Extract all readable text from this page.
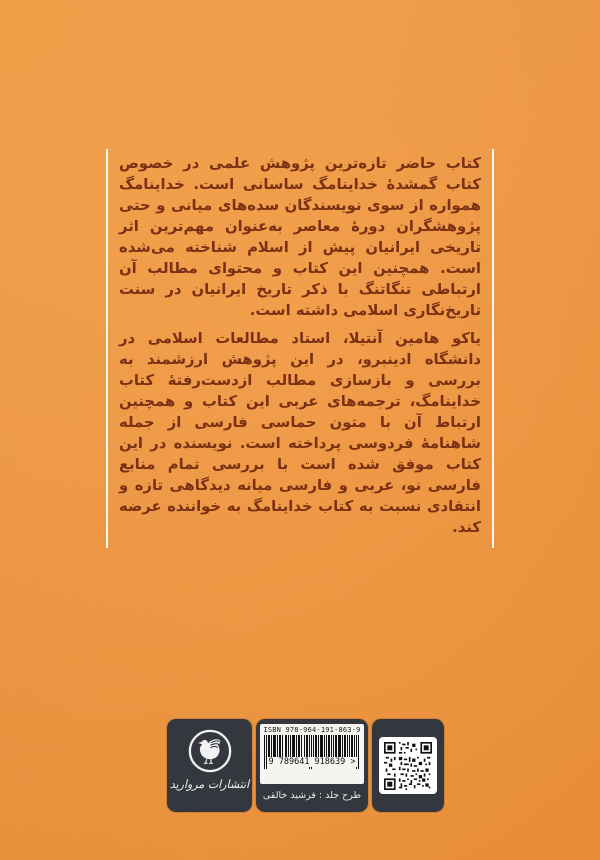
کتاب حاضر تازه‌ترین پژوهش علمی در خصوص کتاب گمشدهٔ خداینامگ ساسانی است. خداینامگ همواره از سوی نویسندگان سده‌های میانی و حتی پژوهشگران دورهٔ معاصر به‌عنوان مهم‌ترین اثر تاریخی ایرانیان پیش از اسلام شناخته می‌شده است. همچنین این کتاب و محتوای مطالب آن ارتباطی تنگاتنگ با ذکر تاریخ ایرانیان در سنت تاریخ‌نگاری اسلامی داشته است.

یاکو هامین آنتیلا، استاد مطالعات اسلامی در دانشگاه ادینبرو، در این پژوهش ارزشمند به بررسی و بازسازی مطالب ازدست‌رفتهٔ کتاب خداینامگ، ترجمه‌های عربی این کتاب و همچنین ارتباط آن با متون حماسی فارسی از جمله شاهنامهٔ فردوسی پرداخته است. نویسنده در این کتاب موفق شده است با بررسی تمام منابع فارسی نو، عربی و فارسی میانه دیدگاهی تازه و انتقادی نسبت به کتاب خداینامگ به خواننده عرضه کند.

انتشارات مروارید
ISBN 978-964-191-863-9
9 789641 918639 >
طرح جلد : فرشید خالقی
